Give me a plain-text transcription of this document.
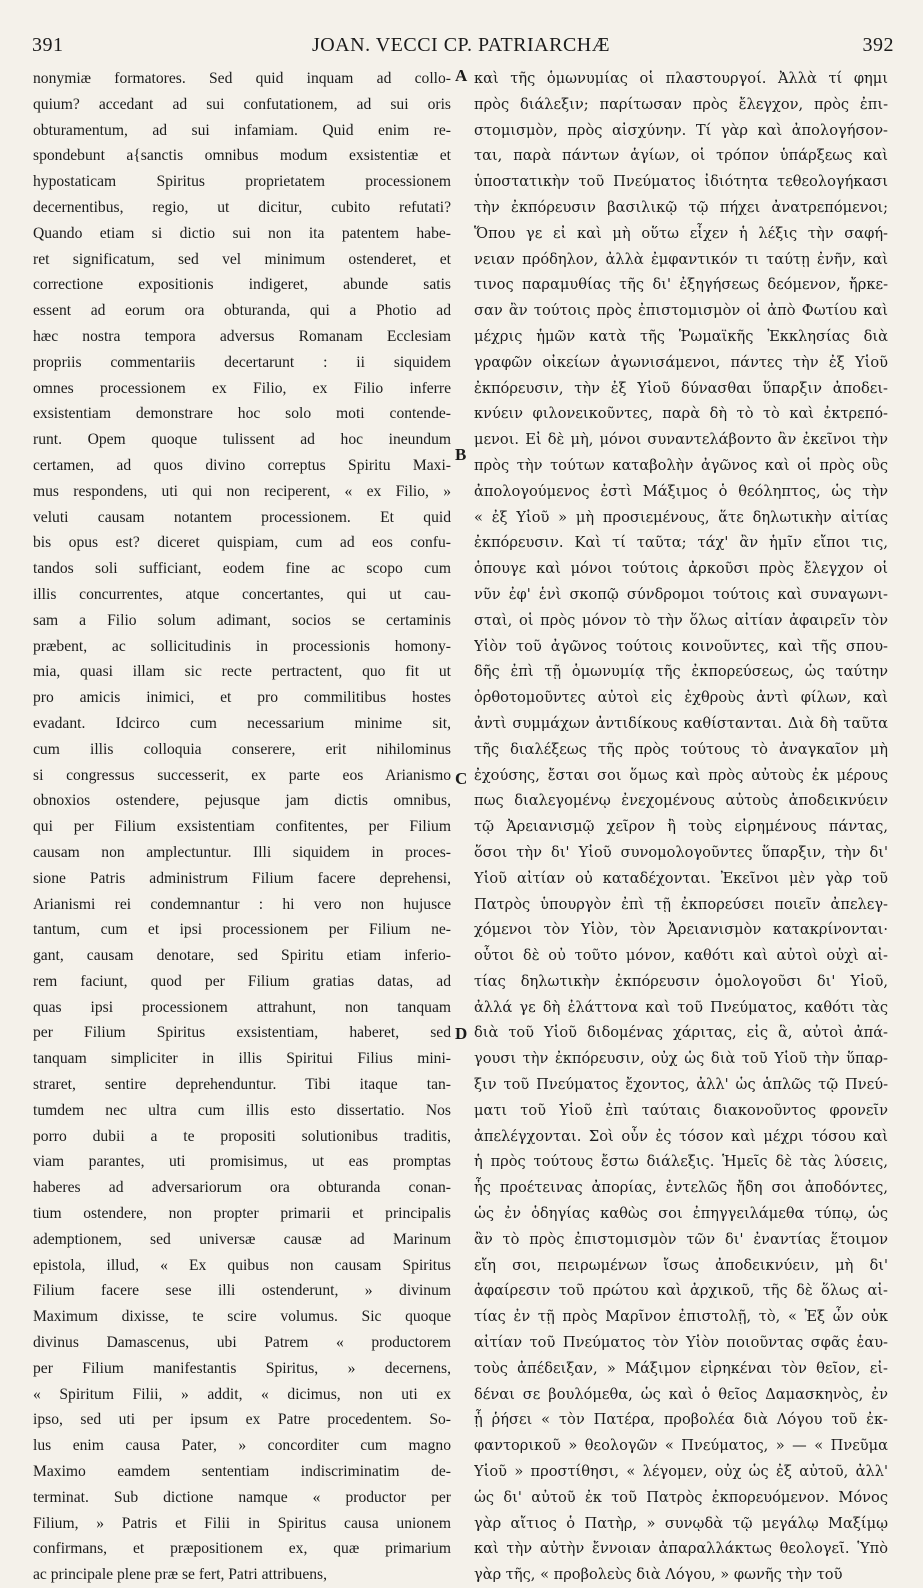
391	JOAN. VECCI CP. PATRIARCHÆ	392
nonymiæ formatores. Sed quid inquam ad collo-
quium? accedant ad sui confutationem, ad sui oris
obturamentum, ad sui infamiam. Quid enim re-
spondebunt a{sanctis omnibus modum exsistentiæ et
hypostaticam Spiritus proprietatem processionem
decernentibus, regio, ut dicitur, cubito refutati?
Quando etiam si dictio sui non ita patentem habe-
ret significatum, sed vel minimum ostenderet, et
correctione expositionis indigeret, abunde satis
essent ad eorum ora obturanda, qui a Photio ad
hæc nostra tempora adversus Romanam Ecclesiam
propriis commentariis decertarunt : ii siquidem
omnes processionem ex Filio, ex Filio inferre
exsistentiam demonstrare hoc solo moti contende-
runt. Opem quoque tulissent ad hoc ineundum
certamen, ad quos divino correptus Spiritu Maxi-
mus respondens, uti qui non reciperent, « ex Filio, »
veluti causam notantem processionem. Et quid
bis opus est? diceret quispiam, cum ad eos confu-
tandos soli sufficiant, eodem fine ac scopo cum
illis concurrentes, atque concertantes, qui ut cau-
sam a Filio solum adimant, socios se certaminis
præbent, ac sollicitudinis in processionis homony-
mia, quasi illam sic recte pertractent, quo fit ut
pro amicis inimici, et pro commilitibus hostes
evadant. Idcirco cum necessarium minime sit,
cum illis colloquia conserere, erit nihilominus
si congressus successerit, ex parte eos Arianismo
obnoxios ostendere, pejusque jam dictis omnibus,
qui per Filium exsistentiam confitentes, per Filium
causam non amplectuntur. Illi siquidem in proces-
sione Patris administrum Filium facere deprehensi,
Arianismi rei condemnantur : hi vero non hujusce
tantum, cum et ipsi processionem per Filium ne-
gant, causam denotare, sed Spiritu etiam inferio-
rem faciunt, quod per Filium gratias datas, ad
quas ipsi processionem attrahunt, non tanquam
per Filium Spiritus exsistentiam, haberet, sed
tanquam simpliciter in illis Spiritui Filius mini-
straret, sentire deprehenduntur. Tibi itaque tan-
tumdem nec ultra cum illis esto dissertatio. Nos
porro dubii a te propositi solutionibus traditis,
viam parantes, uti promisimus, ut eas promptas
haberes ad adversariorum ora obturanda conan-
tium ostendere, non propter primarii et principalis
ademptionem, sed universæ causæ ad Marinum
epistola, illud, « Ex quibus non causam Spiritus
Filium facere sese illi ostenderunt, » divinum
Maximum dixisse, te scire volumus. Sic quoque
divinus Damascenus, ubi Patrem « productorem
per Filium manifestantis Spiritus, » decernens,
« Spiritum Filii, » addit, « dicimus, non uti ex
ipso, sed uti per ipsum ex Patre procedentem. So-
lus enim causa Pater, » concorditer cum magno
Maximo eamdem sententiam indiscriminatim de-
terminat. Sub dictione namque « productor per
Filium, » Patris et Filii in Spiritus causa unionem
confirmans, et præpositionem ex, quæ primarium
ac principale plene præ se fert, Patri attribuens,
A
B
C
D
καὶ τῆς ὁμωνυμίας οἱ πλαστουργοί. Ἀλλὰ τί φημι
πρὸς διάλεξιν; παρίτωσαν πρὸς ἔλεγχον, πρὸς ἐπι-
στομισμὸν, πρὸς αἰσχύνην. Τί γὰρ καὶ ἀπολογήσον-
ται, παρὰ πάντων ἁγίων, οἱ τρόπον ὑπάρξεως καὶ
ὑποστατικὴν τοῦ Πνεύματος ἰδιότητα τεθεολογήκασι
τὴν ἐκπόρευσιν βασιλικῷ τῷ πήχει ἀνατρεπόμενοι;
Ὅπου γε εἰ καὶ μὴ οὕτω εἶχεν ἡ λέξις τὴν σαφή-
νειαν πρόδηλον, ἀλλὰ ἐμφαντικόν τι ταύτῃ ἐνῆν, καὶ
τινος παραμυθίας τῆς δι' ἐξηγήσεως δεόμενον, ἤρκε-
σαν ἂν τούτοις πρὸς ἐπιστομισμὸν οἱ ἀπὸ Φωτίου καὶ
μέχρις ἡμῶν κατὰ τῆς Ῥωμαϊκῆς Ἐκκλησίας διὰ
γραφῶν οἰκείων ἀγωνισάμενοι, πάντες τὴν ἐξ Υἱοῦ
ἐκπόρευσιν, τὴν ἐξ Υἱοῦ δύνασθαι ὕπαρξιν ἀποδει-
κνύειν φιλονεικοῦντες, παρὰ δὴ τὸ τὸ καὶ ἐκτρεπό-
μενοι. Εἰ δὲ μὴ, μόνοι συναντελάβοντο ἂν ἐκεῖνοι τὴν
πρὸς τὴν τούτων καταβολὴν ἀγῶνος καὶ οἱ πρὸς οὓς
ἀπολογούμενος ἐστὶ Μάξιμος ὁ θεόληπτος, ὡς τὴν
« ἐξ Υἱοῦ » μὴ προσιεμένους, ἅτε δηλωτικὴν αἰτίας
ἐκπόρευσιν. Καὶ τί ταῦτα; τάχ' ἂν ἡμῖν εἴποι τις,
ὁπουγε καὶ μόνοι τούτοις ἀρκοῦσι πρὸς ἔλεγχον οἱ
νῦν ἐφ' ἑνὶ σκοπῷ σύνδρομοι τούτοις καὶ συναγωνι-
σταὶ, οἱ πρὸς μόνον τὸ τὴν ὅλως αἰτίαν ἀφαιρεῖν τὸν
Υἱὸν τοῦ ἀγῶνος τούτοις κοινοῦντες, καὶ τῆς σπου-
δῆς ἐπὶ τῇ ὁμωνυμίᾳ τῆς ἐκπορεύσεως, ὡς ταύτην
ὀρθοτομοῦντες αὐτοὶ εἰς ἐχθροὺς ἀντὶ φίλων, καὶ
ἀντὶ συμμάχων ἀντιδίκους καθίστανται. Διὰ δὴ ταῦτα
τῆς διαλέξεως τῆς πρὸς τούτους τὸ ἀναγκαῖον μὴ
ἐχούσης, ἔσται σοι ὅμως καὶ πρὸς αὐτοὺς ἐκ μέρους
πως διαλεγομένῳ ἐνεχομένους αὐτοὺς ἀποδεικνύειν
τῷ Ἀρειανισμῷ χεῖρον ἢ τοὺς εἰρημένους πάντας,
ὅσοι τὴν δι' Υἱοῦ συνομολογοῦντες ὕπαρξιν, τὴν δι'
Υἱοῦ αἰτίαν οὐ καταδέχονται. Ἐκεῖνοι μὲν γὰρ τοῦ
Πατρὸς ὑπουργὸν ἐπὶ τῇ ἐκπορεύσει ποιεῖν ἀπελεγ-
χόμενοι τὸν Υἱὸν, τὸν Ἀρειανισμὸν κατακρίνονται·
οὗτοι δὲ οὐ τοῦτο μόνον, καθότι καὶ αὐτοὶ οὐχὶ αἰ-
τίας δηλωτικὴν ἐκπόρευσιν ὁμολογοῦσι δι' Υἱοῦ,
ἀλλά γε δὴ ἐλάττονα καὶ τοῦ Πνεύματος, καθότι τὰς
διὰ τοῦ Υἱοῦ διδομένας χάριτας, εἰς ἃ, αὐτοὶ ἀπά-
γουσι τὴν ἐκπόρευσιν, οὐχ ὡς διὰ τοῦ Υἱοῦ τὴν ὕπαρ-
ξιν τοῦ Πνεύματος ἔχοντος, ἀλλ' ὡς ἁπλῶς τῷ Πνεύ-
ματι τοῦ Υἱοῦ ἐπὶ ταύταις διακονοῦντος φρονεῖν
ἀπελέγχονται. Σοὶ οὖν ἐς τόσον καὶ μέχρι τόσου καὶ
ἡ πρὸς τούτους ἔστω διάλεξις. Ἡμεῖς δὲ τὰς λύσεις,
ἧς προέτεινας ἀπορίας, ἐντελῶς ἤδη σοι ἀποδόντες,
ὡς ἐν ὁδηγίας καθὼς σοι ἐπηγγειλάμεθα τύπῳ, ὡς
ἂν τὸ πρὸς ἐπιστομισμὸν τῶν δι' ἐναντίας ἕτοιμον
εἴη σοι, πειρωμένων ἴσως ἀποδεικνύειν, μὴ δι'
ἀφαίρεσιν τοῦ πρώτου καὶ ἀρχικοῦ, τῆς δὲ ὅλως αἰ-
τίας ἐν τῇ πρὸς Μαρῖνον ἐπιστολῇ, τὸ, « Ἐξ ὧν οὐκ
αἰτίαν τοῦ Πνεύματος τὸν Υἱὸν ποιοῦντας σφᾶς ἑαυ-
τοὺς ἀπέδειξαν, » Μάξιμον εἰρηκέναι τὸν θεῖον, εἰ-
δέναι σε βουλόμεθα, ὡς καὶ ὁ θεῖος Δαμασκηνὸς, ἐν
ᾗ ῥήσει « τὸν Πατέρα, προβολέα διὰ Λόγου τοῦ ἐκ-
φαντορικοῦ » θεολογῶν « Πνεύματος, » — « Πνεῦμα
Υἱοῦ » προστίθησι, « λέγομεν, οὐχ ὡς ἐξ αὐτοῦ, ἀλλ'
ὡς δι' αὐτοῦ ἐκ τοῦ Πατρὸς ἐκπορευόμενον. Μόνος
γὰρ αἴτιος ὁ Πατὴρ, » συνῳδὰ τῷ μεγάλῳ Μαξίμῳ
καὶ τὴν αὐτὴν ἔννοιαν ἀπαραλλάκτως θεολογεῖ. Ὑπὸ
γὰρ τῆς, « προβολεὺς διὰ Λόγου, » φωνῆς τὴν τοῦ
